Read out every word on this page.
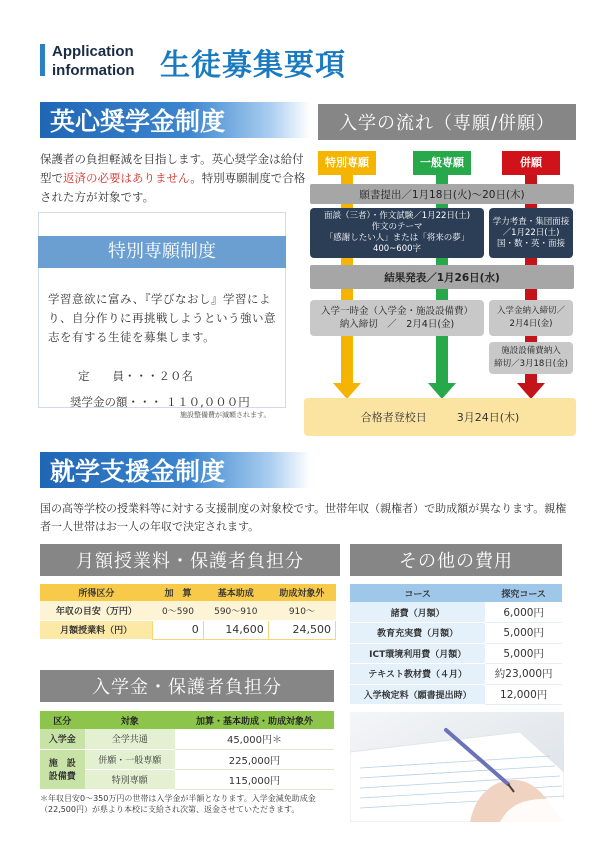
Application
information 生徒募集要項
英心奨学金制度
保護者の負担軽減を目指します。英心奨学金は給付型で返済の必要はありません。特別専願制度で合格された方が対象です。
特別専願制度
学習意欲に富み、『学びなおし』学習により、自分作りに再挑戦しようという強い意志を有する生徒を募集します。
定　　員・・・２０名
奨学金の額・・・ １１０,０００円
施設整備費が減額されます。
入学の流れ（専願/併願）
特別専願	一般専願	併願
願書提出／1月18日(火)〜20日(木)
面談（三者）・作文試験／1月22日(土)
作文のテーマ
「感謝したい人」または「将来の夢」
400~600字
学力考査・集団面接
／1月22日(土)
国・数・英・面接
結果発表／1月26日(水)
入学一時金（入学金・施設設備費）
納入締切　／　2月4日(金)
入学金納入締切／
2月4日(金)
施設設備費納入
締切／3月18日(金)
合格者登校日	3月24日(木)
就学支援金制度
国の高等学校の授業料等に対する支援制度の対象校です。世帯年収（親権者）で助成額が異なります。親権者一人世帯はお一人の年収で決定されます。
月額授業料・保護者負担分	その他の費用
所得区分	加　算	基本助成	助成対象外
年収の目安（万円）	0〜590	590〜910	910〜
月額授業料（円）	0	14,600	24,500
コース	探究コース
諸費（月額）	6,000円
教育充実費（月額）	5,000円
ICT環境利用費（月額）	5,000円
テキスト教材費（４月）	約23,000円
入学検定料（願書提出時）	12,000円
入学金・保護者負担分
区分	対象	加算・基本助成・助成対象外
入学金	全学共通	45,000円＊

施　設
設備費	併願・一般専願	225,000円
	特別専願	115,000円
＊年収目安0〜350万円の世帯は入学金が半額となります。入学金減免助成金（22,500円）が県より本校に支給され次第、返金させていただきます。
